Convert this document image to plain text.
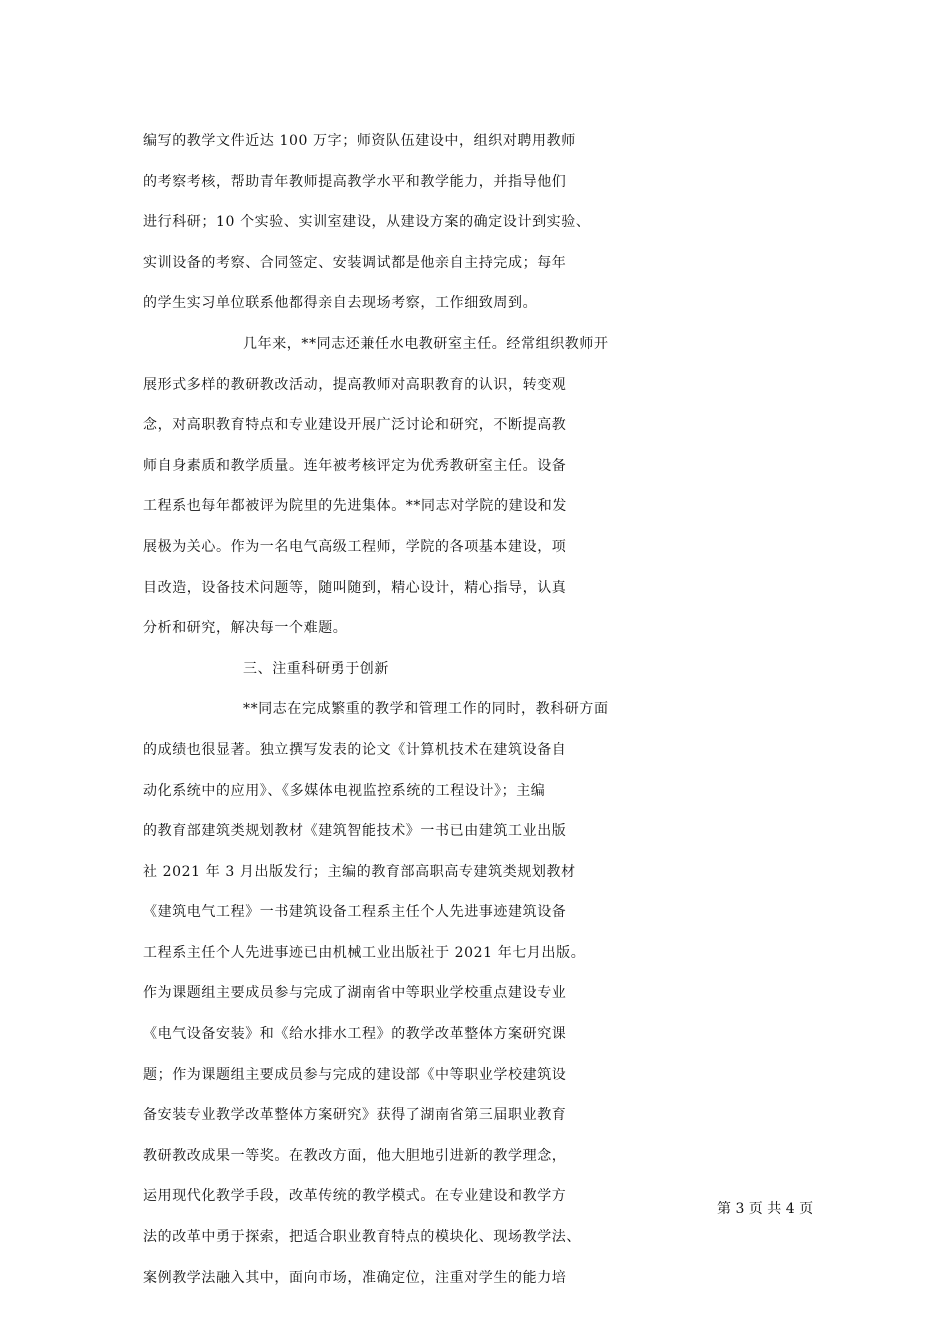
编写的教学文件近达 100 万字；师资队伍建设中，组织对聘用教师
的考察考核，帮助青年教师提高教学水平和教学能力，并指导他们
进行科研；10 个实验、实训室建设，从建设方案的确定设计到实验、
实训设备的考察、合同签定、安装调试都是他亲自主持完成；每年
的学生实习单位联系他都得亲自去现场考察，工作细致周到。
几年来，**同志还兼任水电教研室主任。经常组织教师开
展形式多样的教研教改活动，提高教师对高职教育的认识，转变观
念，对高职教育特点和专业建设开展广泛讨论和研究，不断提高教
师自身素质和教学质量。连年被考核评定为优秀教研室主任。设备
工程系也每年都被评为院里的先进集体。**同志对学院的建设和发
展极为关心。作为一名电气高级工程师，学院的各项基本建设，项
目改造，设备技术问题等，随叫随到，精心设计，精心指导，认真
分析和研究，解决每一个难题。
三、注重科研勇于创新
**同志在完成繁重的教学和管理工作的同时，教科研方面
的成绩也很显著。独立撰写发表的论文《计算机技术在建筑设备自
动化系统中的应用》、《多媒体电视监控系统的工程设计》；主编
的教育部建筑类规划教材《建筑智能技术》一书已由建筑工业出版
社 2021 年 3 月出版发行；主编的教育部高职高专建筑类规划教材
《建筑电气工程》一书建筑设备工程系主任个人先进事迹建筑设备
工程系主任个人先进事迹已由机械工业出版社于 2021 年七月出版。
作为课题组主要成员参与完成了湖南省中等职业学校重点建设专业
《电气设备安装》和《给水排水工程》的教学改革整体方案研究课
题；作为课题组主要成员参与完成的建设部《中等职业学校建筑设
备安装专业教学改革整体方案研究》获得了湖南省第三届职业教育
教研教改成果一等奖。在教改方面，他大胆地引进新的教学理念，
运用现代化教学手段，改革传统的教学模式。在专业建设和教学方
法的改革中勇于探索，把适合职业教育特点的模块化、现场教学法、
案例教学法融入其中，面向市场，准确定位，注重对学生的能力培
第 3 页 共 4 页
